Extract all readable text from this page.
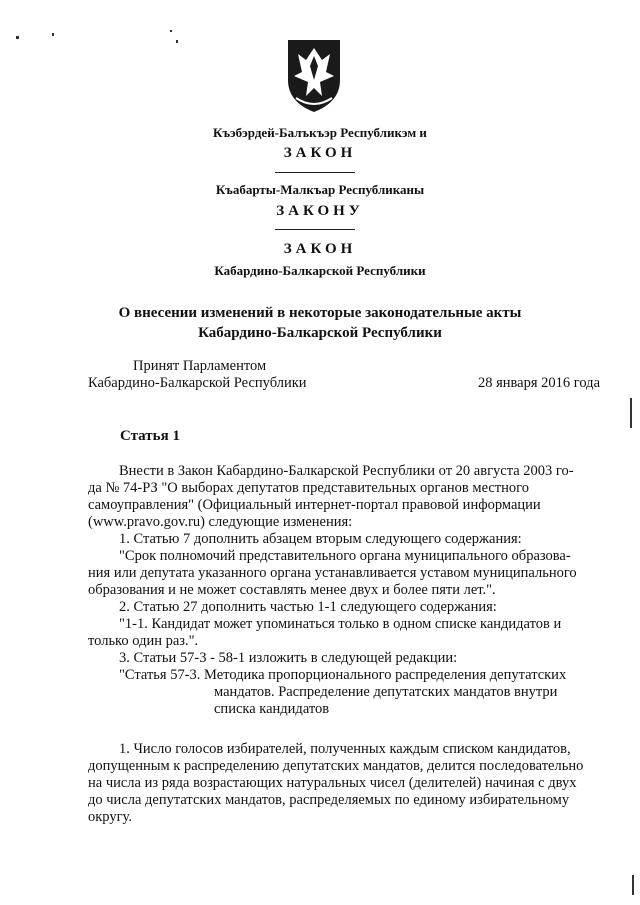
Къэбэрдей-Балъкъэр Республикэм и
ЗАКОН
Къабарты-Малкъар Республиканы
ЗАКОНУ
ЗАКОН
Кабардино-Балкарской Республики
О внесении изменений в некоторые законодательные акты
Кабардино-Балкарской Республики
Принят Парламентом
Кабардино-Балкарской Республики	28 января 2016 года
Статья 1
Внести в Закон Кабардино-Балкарской Республики от 20 августа 2003 го-
да № 74-РЗ "О выборах депутатов представительных органов местного
самоуправления" (Официальный интернет-портал правовой информации
(www.pravo.gov.ru) следующие изменения:
1. Статью 7 дополнить абзацем вторым следующего содержания:
"Срок полномочий представительного органа муниципального образова-
ния или депутата указанного органа устанавливается уставом муниципального
образования и не может составлять менее двух и более пяти лет.".
2. Статью 27 дополнить частью 1-1 следующего содержания:
"1-1. Кандидат может упоминаться только в одном списке кандидатов и
только один раз.".
3. Статьи 57-3 - 58-1 изложить в следующей редакции:
"Статья 57-3. Методика пропорционального распределения депутатских
мандатов. Распределение депутатских мандатов внутри
списка кандидатов
1. Число голосов избирателей, полученных каждым списком кандидатов,
допущенным к распределению депутатских мандатов, делится последовательно
на числа из ряда возрастающих натуральных чисел (делителей) начиная с двух
до числа депутатских мандатов, распределяемых по единому избирательному
округу.
